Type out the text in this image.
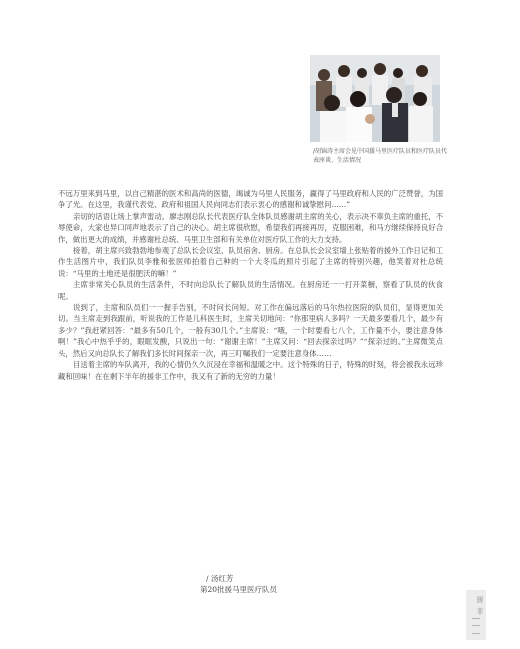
/胡锦涛主席会见中国援马里医疗队员和医疗队员代表座谈、生活情况

不远万里来到马里，以自己精湛的医术和高尚的医德，竭诚为马里人民服务，赢得了马里政府和人民的广泛赞誉，为国争了光。在这里，我谨代表党、政府和祖国人民向同志们表示衷心的感谢和诚挚慰问……”

亲切的话语让场上掌声雷动。廖志刚总队长代表医疗队全体队员感谢胡主席的关心，表示决不辜负主席的重托，不辱使命，大家也异口同声地表示了自己的决心。胡主席很欣慰，希望我们再接再厉，克服困难，和马方继续保持良好合作，做出更大的成绩，并感谢杜总统、马里卫生部和有关单位对医疗队工作的大力支持。

接着，胡主席兴致勃勃地参观了总队长会议室、队员宿舍、厨房。在总队长会议室墙上张贴着的援外工作日记和工作生活图片中，我们队员李雅和张医师拍着自己种的一个大冬瓜的照片引起了主席的特别兴趣，他笑着对杜总统说：“马里的土地还是很肥沃的嘛！”

主席非常关心队员的生活条件，不时向总队长了解队员的生活情况。在厨房还一一打开菜橱，察看了队员的伙食呢。

说到了，主席和队员们一一握手告别，不时问长问短。对工作在偏远落后的马尔热拉医院的队员们，显得更加关切。当主席走到我跟前，听说我的工作是儿科医生时，主席关切地问：“你那里病人多吗？一天最多要看几个，最少有多少？”我赶紧回答：“最多有50几个，一般有30几个。”主席说：“哦，一个时要看七八个，工作量不小，要注意身体啊！”我心中热乎乎的，眼眶发酸，只说出一句：“谢谢主席！”主席又问：“回去探亲过吗？”“探亲过的。”主席微笑点头，然后又向总队长了解我们多长时间探亲一次，再三叮嘱我们一定要注意身体……

目送着主席的车队离开，我的心情仍久久沉浸在幸福和温暖之中。这个特殊的日子，特殊的时刻，将会被我永远珍藏和回味！在在剩下半年的援非工作中，我又有了新的无穷的力量！

/ 汤红芳
第20批援马里医疗队员
援 非
